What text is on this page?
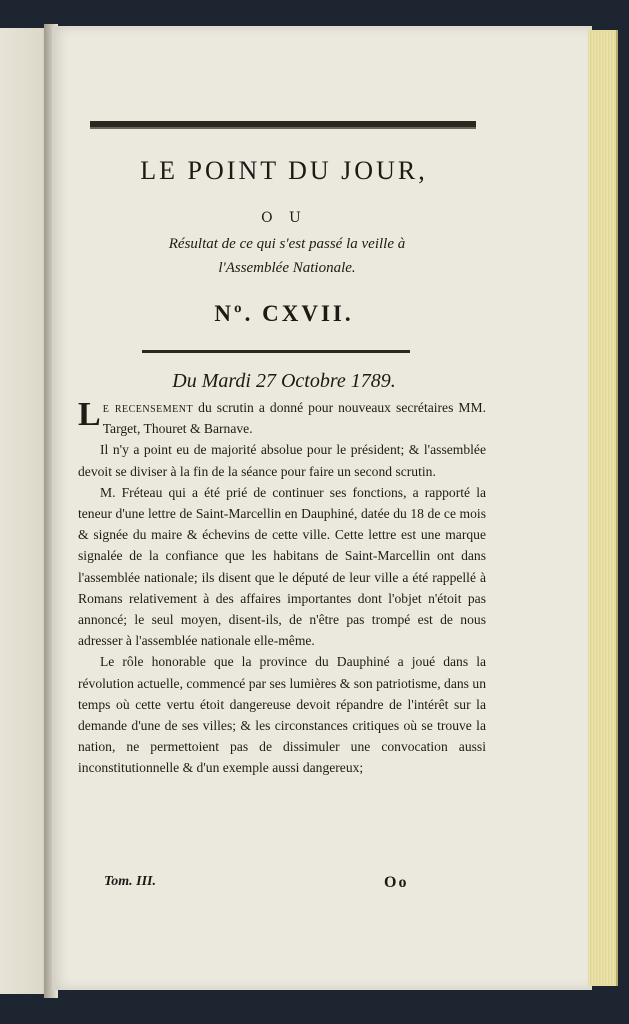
LE POINT DU JOUR,
O U
Résultat de ce qui s'est passé la veille à
l'Assemblée Nationale.
Nº. CXVII.
Du Mardi 27 Octobre 1789.

Le recensement du scrutin a donné pour nouveaux secrétaires MM. Target, Thouret & Barnave.

Il n'y a point eu de majorité absolue pour le président; & l'assemblée devoit se diviser à la fin de la séance pour faire un second scrutin.

M. Fréteau qui a été prié de continuer ses fonctions, a rapporté la teneur d'une lettre de Saint-Marcellin en Dauphiné, datée du 18 de ce mois & signée du maire & échevins de cette ville. Cette lettre est une marque signalée de la confiance que les habitans de Saint-Marcellin ont dans l'assemblée nationale; ils disent que le député de leur ville a été rappellé à Romans relativement à des affaires importantes dont l'objet n'étoit pas annoncé; le seul moyen, disent-ils, de n'être pas trompé est de nous adresser à l'assemblée nationale elle-même.

Le rôle honorable que la province du Dauphiné a joué dans la révolution actuelle, commencé par ses lumières & son patriotisme, dans un temps où cette vertu étoit dangereuse devoit répandre de l'intérêt sur la demande d'une de ses villes; & les circonstances critiques où se trouve la nation, ne permettoient pas de dissimuler une convocation aussi inconstitutionnelle & d'un exemple aussi dangereux;

Tom. III.	Oo
